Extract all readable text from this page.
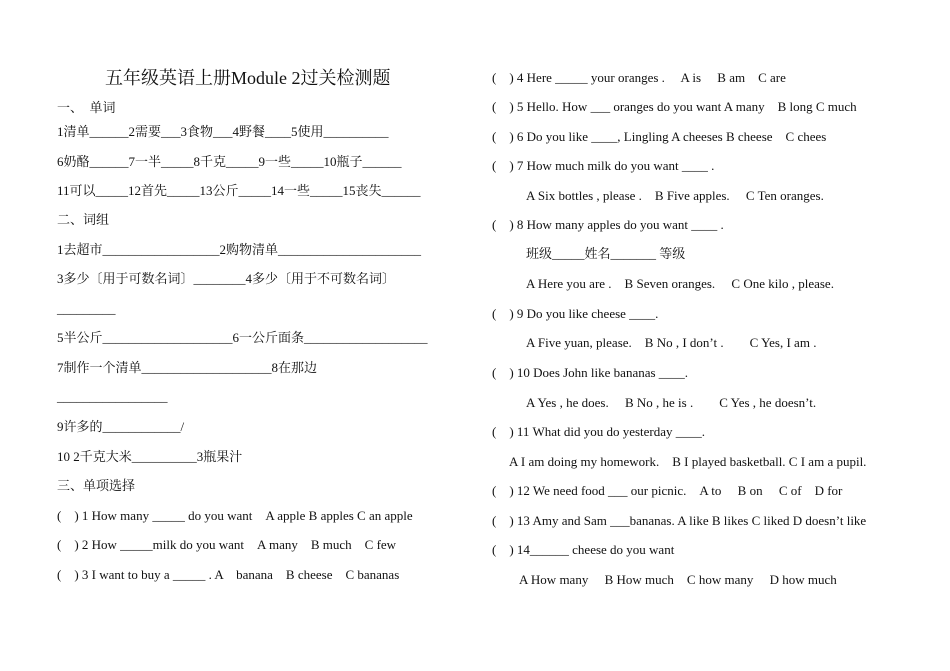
五年级英语上册Module 2过关检测题
一、　单词
1清单______2需要___3食物___4野餐____5使用__________
6奶酪______7一半_____8千克_____9一些_____10瓶子______
11可以_____12首先_____13公斤_____14一些_____15丧失______
二、词组
1去超市__________________2购物清单______________________
3多少〔用于可数名词〕________4多少〔用于不可数名词〕
_________
5半公斤____________________6一公斤面条___________________
7制作一个清单____________________8在那边
_________________
9许多的____________/
10 2千克大米__________3瓶果汁
三、单项选择
(　) 1 How many _____ do you want　A apple B apples C an apple
(　) 2 How _____milk do you want　A many　B much　C few
(　) 3 I want to buy a _____ . A　banana　B cheese　C bananas
(　) 4 Here _____ your oranges .　 A is　 B am　C are
(　) 5 Hello. How ___ oranges do you want A many　B long C much
(　) 6 Do you like ____, Lingling A cheeses B cheese　C chees
(　) 7 How much milk do you want ____ .
A Six bottles , please .　B Five apples.　 C Ten oranges.
(　) 8 How many apples do you want ____ .
班级_____姓名_______ 等级
A Here you are .　B Seven oranges.　 C One kilo , please.
(　) 9 Do you like cheese ____.
A Five yuan, please.　B No , I don’t .　　C Yes, I am .
(　) 10 Does John like bananas ____.
A Yes , he does.　 B No , he is .　　C Yes , he doesn’t.
(　) 11 What did you do yesterday ____.
A I am doing my homework.　B I played basketball. C I am a pupil.
(　) 12 We need food ___ our picnic.　A to　 B on　 C of　D for
(　) 13 Amy and Sam ___bananas. A like B likes C liked D doesn’t like
(　) 14______ cheese do you want
A How many　 B How much　C how many　 D how much
